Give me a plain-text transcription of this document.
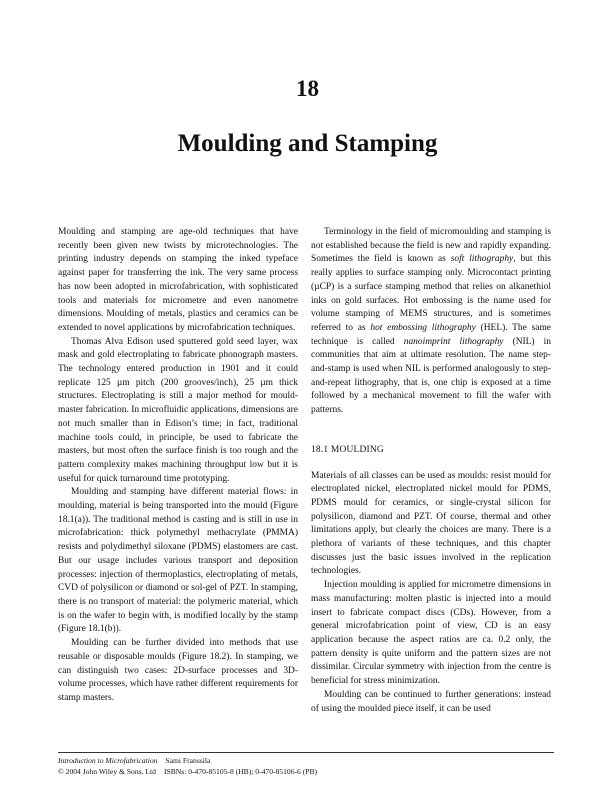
18
Moulding and Stamping

Moulding and stamping are age-old techniques that have recently been given new twists by microtechnologies. The printing industry depends on stamping the inked typeface against paper for transferring the ink. The very same process has now been adopted in microfabrication, with sophisticated tools and materials for micrometre and even nanometre dimensions. Moulding of metals, plastics and ceramics can be extended to novel applications by microfabrication techniques.

Thomas Alva Edison used sputtered gold seed layer, wax mask and gold electroplating to fabricate phonograph masters. The technology entered production in 1901 and it could replicate 125 µm pitch (200 grooves/inch), 25 µm thick structures. Electroplating is still a major method for mould-master fabrication. In microfluidic applications, dimensions are not much smaller than in Edison’s time; in fact, traditional machine tools could, in principle, be used to fabricate the masters, but most often the surface finish is too rough and the pattern complexity makes machining throughput low but it is useful for quick turnaround time prototyping.

Moulding and stamping have different material flows: in moulding, material is being transported into the mould (Figure 18.1(a)). The traditional method is casting and is still in use in microfabrication: thick polymethyl methacrylate (PMMA) resists and polydimethyl siloxane (PDMS) elastomers are cast. But our usage includes various transport and deposition processes: injection of thermoplastics, electroplating of metals, CVD of polysilicon or diamond or sol-gel of PZT. In stamping, there is no transport of material: the polymeric material, which is on the wafer to begin with, is modified locally by the stamp (Figure 18.1(b)).

Moulding can be further divided into methods that use reusable or disposable moulds (Figure 18.2). In stamping, we can distinguish two cases: 2D-surface processes and 3D-volume processes, which have rather different requirements for stamp masters.

Terminology in the field of micromoulding and stamping is not established because the field is new and rapidly expanding. Sometimes the field is known as soft lithography, but this really applies to surface stamping only. Microcontact printing (µCP) is a surface stamping method that relies on alkanethiol inks on gold surfaces. Hot embossing is the name used for volume stamping of MEMS structures, and is sometimes referred to as hot embossing lithography (HEL). The same technique is called nanoimprint lithography (NIL) in communities that aim at ultimate resolution. The name step-and-stamp is used when NIL is performed analogously to step-and-repeat lithography, that is, one chip is exposed at a time followed by a mechanical movement to fill the wafer with patterns.

18.1 MOULDING

Materials of all classes can be used as moulds: resist mould for electroplated nickel, electroplated nickel mould for PDMS, PDMS mould for ceramics, or single-crystal silicon for polysilicon, diamond and PZT. Of course, thermal and other limitations apply, but clearly the choices are many. There is a plethora of variants of these techniques, and this chapter discusses just the basic issues involved in the replication technologies.

Injection moulding is applied for micrometre dimensions in mass manufacturing: molten plastic is injected into a mould insert to fabricate compact discs (CDs). However, from a general microfabrication point of view, CD is an easy application because the aspect ratios are ca. 0.2 only, the pattern density is quite uniform and the pattern sizes are not dissimilar. Circular symmetry with injection from the centre is beneficial for stress minimization.

Moulding can be continued to further generations: instead of using the moulded piece itself, it can be used

Introduction to Microfabrication Sami Franssila
© 2004 John Wiley & Sons, Ltd ISBNs: 0-470-85105-8 (HB); 0-470-85106-6 (PB)
